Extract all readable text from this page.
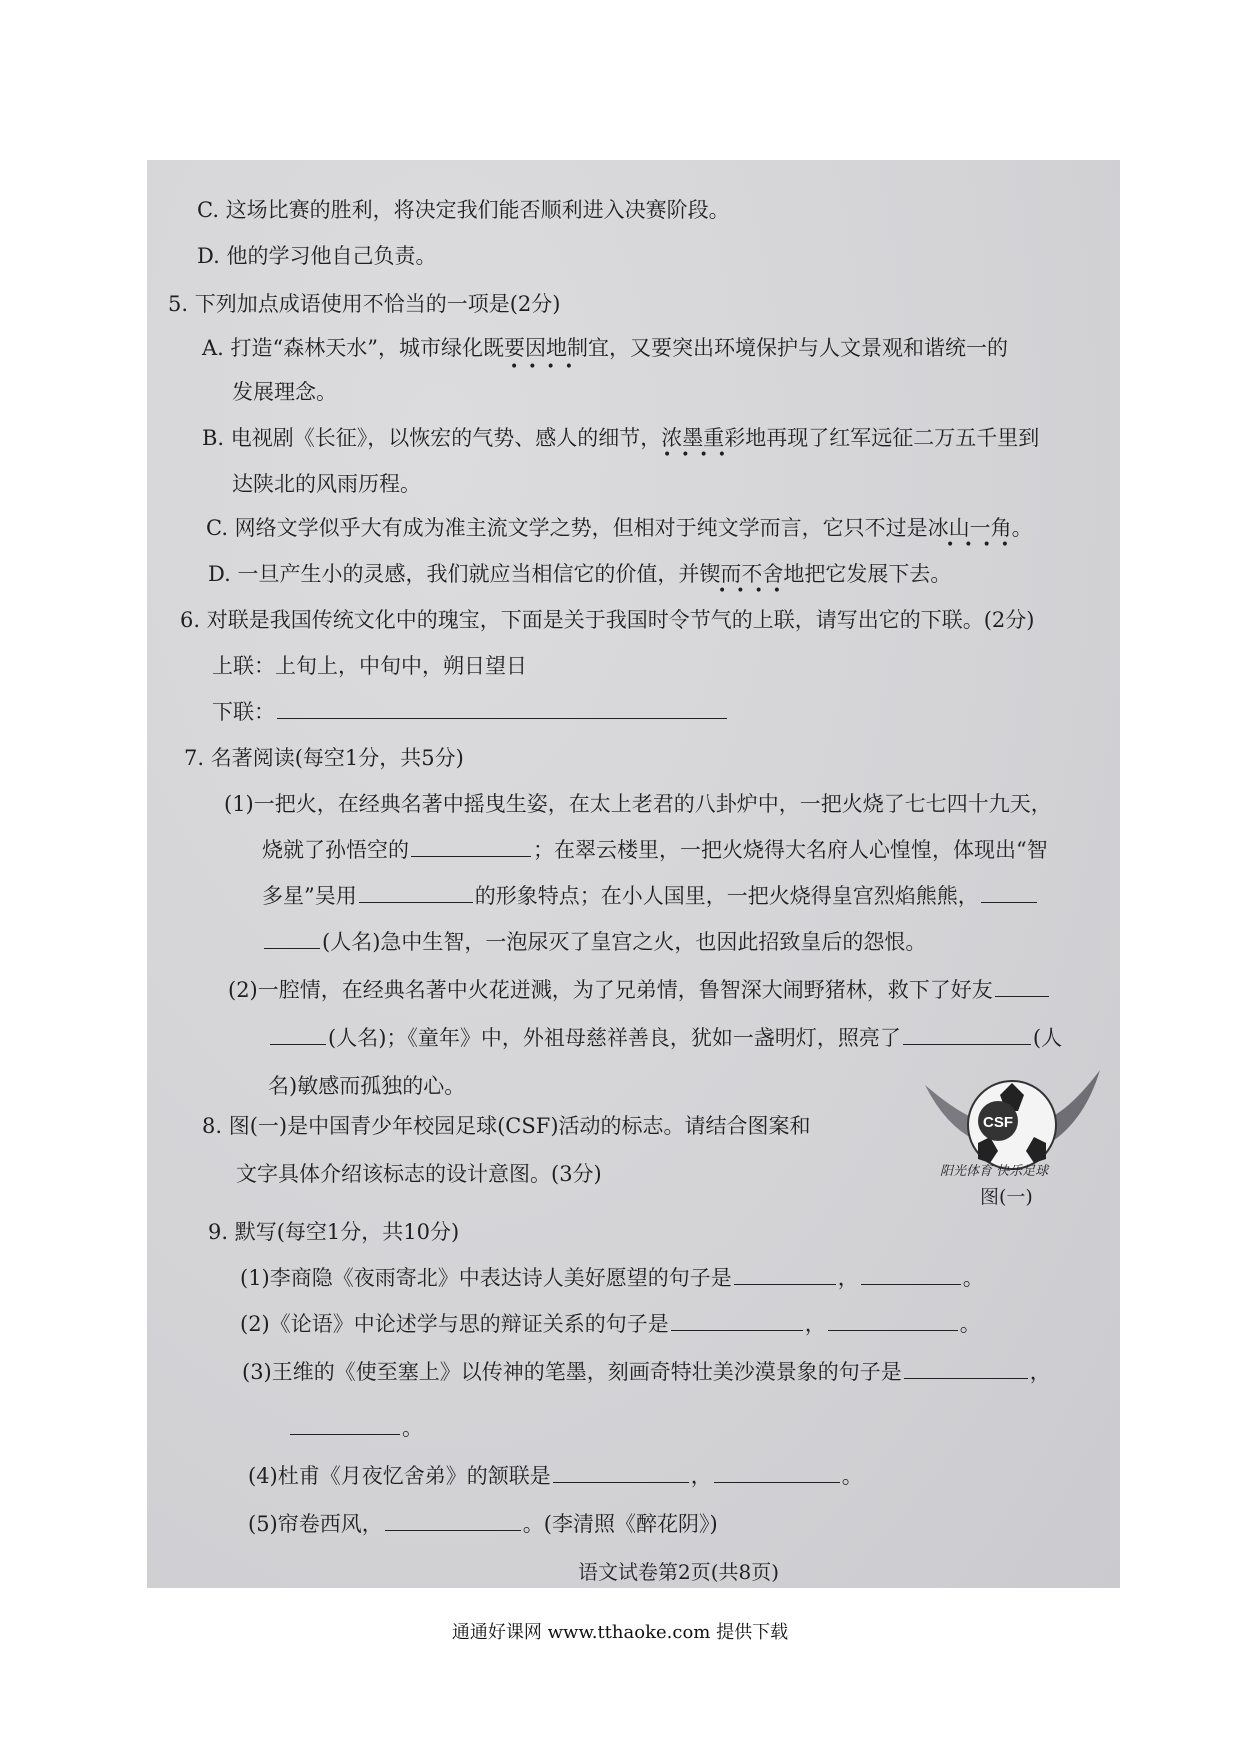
C. 这场比赛的胜利，将决定我们能否顺利进入决赛阶段。
D. 他的学习他自己负责。
5. 下列加点成语使用不恰当的一项是(2分)
A. 打造“森林天水”，城市绿化既要因地制宜，又要突出环境保护与人文景观和谐统一的
••••
发展理念。
B. 电视剧《长征》，以恢宏的气势、感人的细节，浓墨重彩地再现了红军远征二万五千里到
••••
达陕北的风雨历程。
C. 网络文学似乎大有成为准主流文学之势，但相对于纯文学而言，它只不过是冰山一角。
••••
D. 一旦产生小的灵感，我们就应当相信它的价值，并锲而不舍地把它发展下去。
••••
6. 对联是我国传统文化中的瑰宝，下面是关于我国时令节气的上联，请写出它的下联。(2分)
上联：上旬上，中旬中，朔日望日
下联：
7. 名著阅读(每空1分，共5分)
(1)一把火，在经典名著中摇曳生姿，在太上老君的八卦炉中，一把火烧了七七四十九天，
烧就了孙悟空的	；在翠云楼里，一把火烧得大名府人心惶惶，体现出“智
多星”吴用	的形象特点；在小人国里，一把火烧得皇宫烈焰熊熊，
(人名)急中生智，一泡尿灭了皇宫之火，也因此招致皇后的怨恨。
(2)一腔情，在经典名著中火花迸溅，为了兄弟情，鲁智深大闹野猪林，救下了好友
(人名)；《童年》中，外祖母慈祥善良，犹如一盏明灯，照亮了	(人
名)敏感而孤独的心。
8. 图(一)是中国青少年校园足球(CSF)活动的标志。请结合图案和
文字具体介绍该标志的设计意图。(3分)
CSF
阳光体育 快乐足球
图(一)
9. 默写(每空1分，共10分)
(1)李商隐《夜雨寄北》中表达诗人美好愿望的句子是	，	。
(2)《论语》中论述学与思的辩证关系的句子是	，	。
(3)王维的《使至塞上》以传神的笔墨，刻画奇特壮美沙漠景象的句子是	，
。
(4)杜甫《月夜忆舍弟》的颔联是	，	。
(5)帘卷西风，	。(李清照《醉花阴》)
语文试卷第2页(共8页)
通通好课网 www.tthaoke.com 提供下载
